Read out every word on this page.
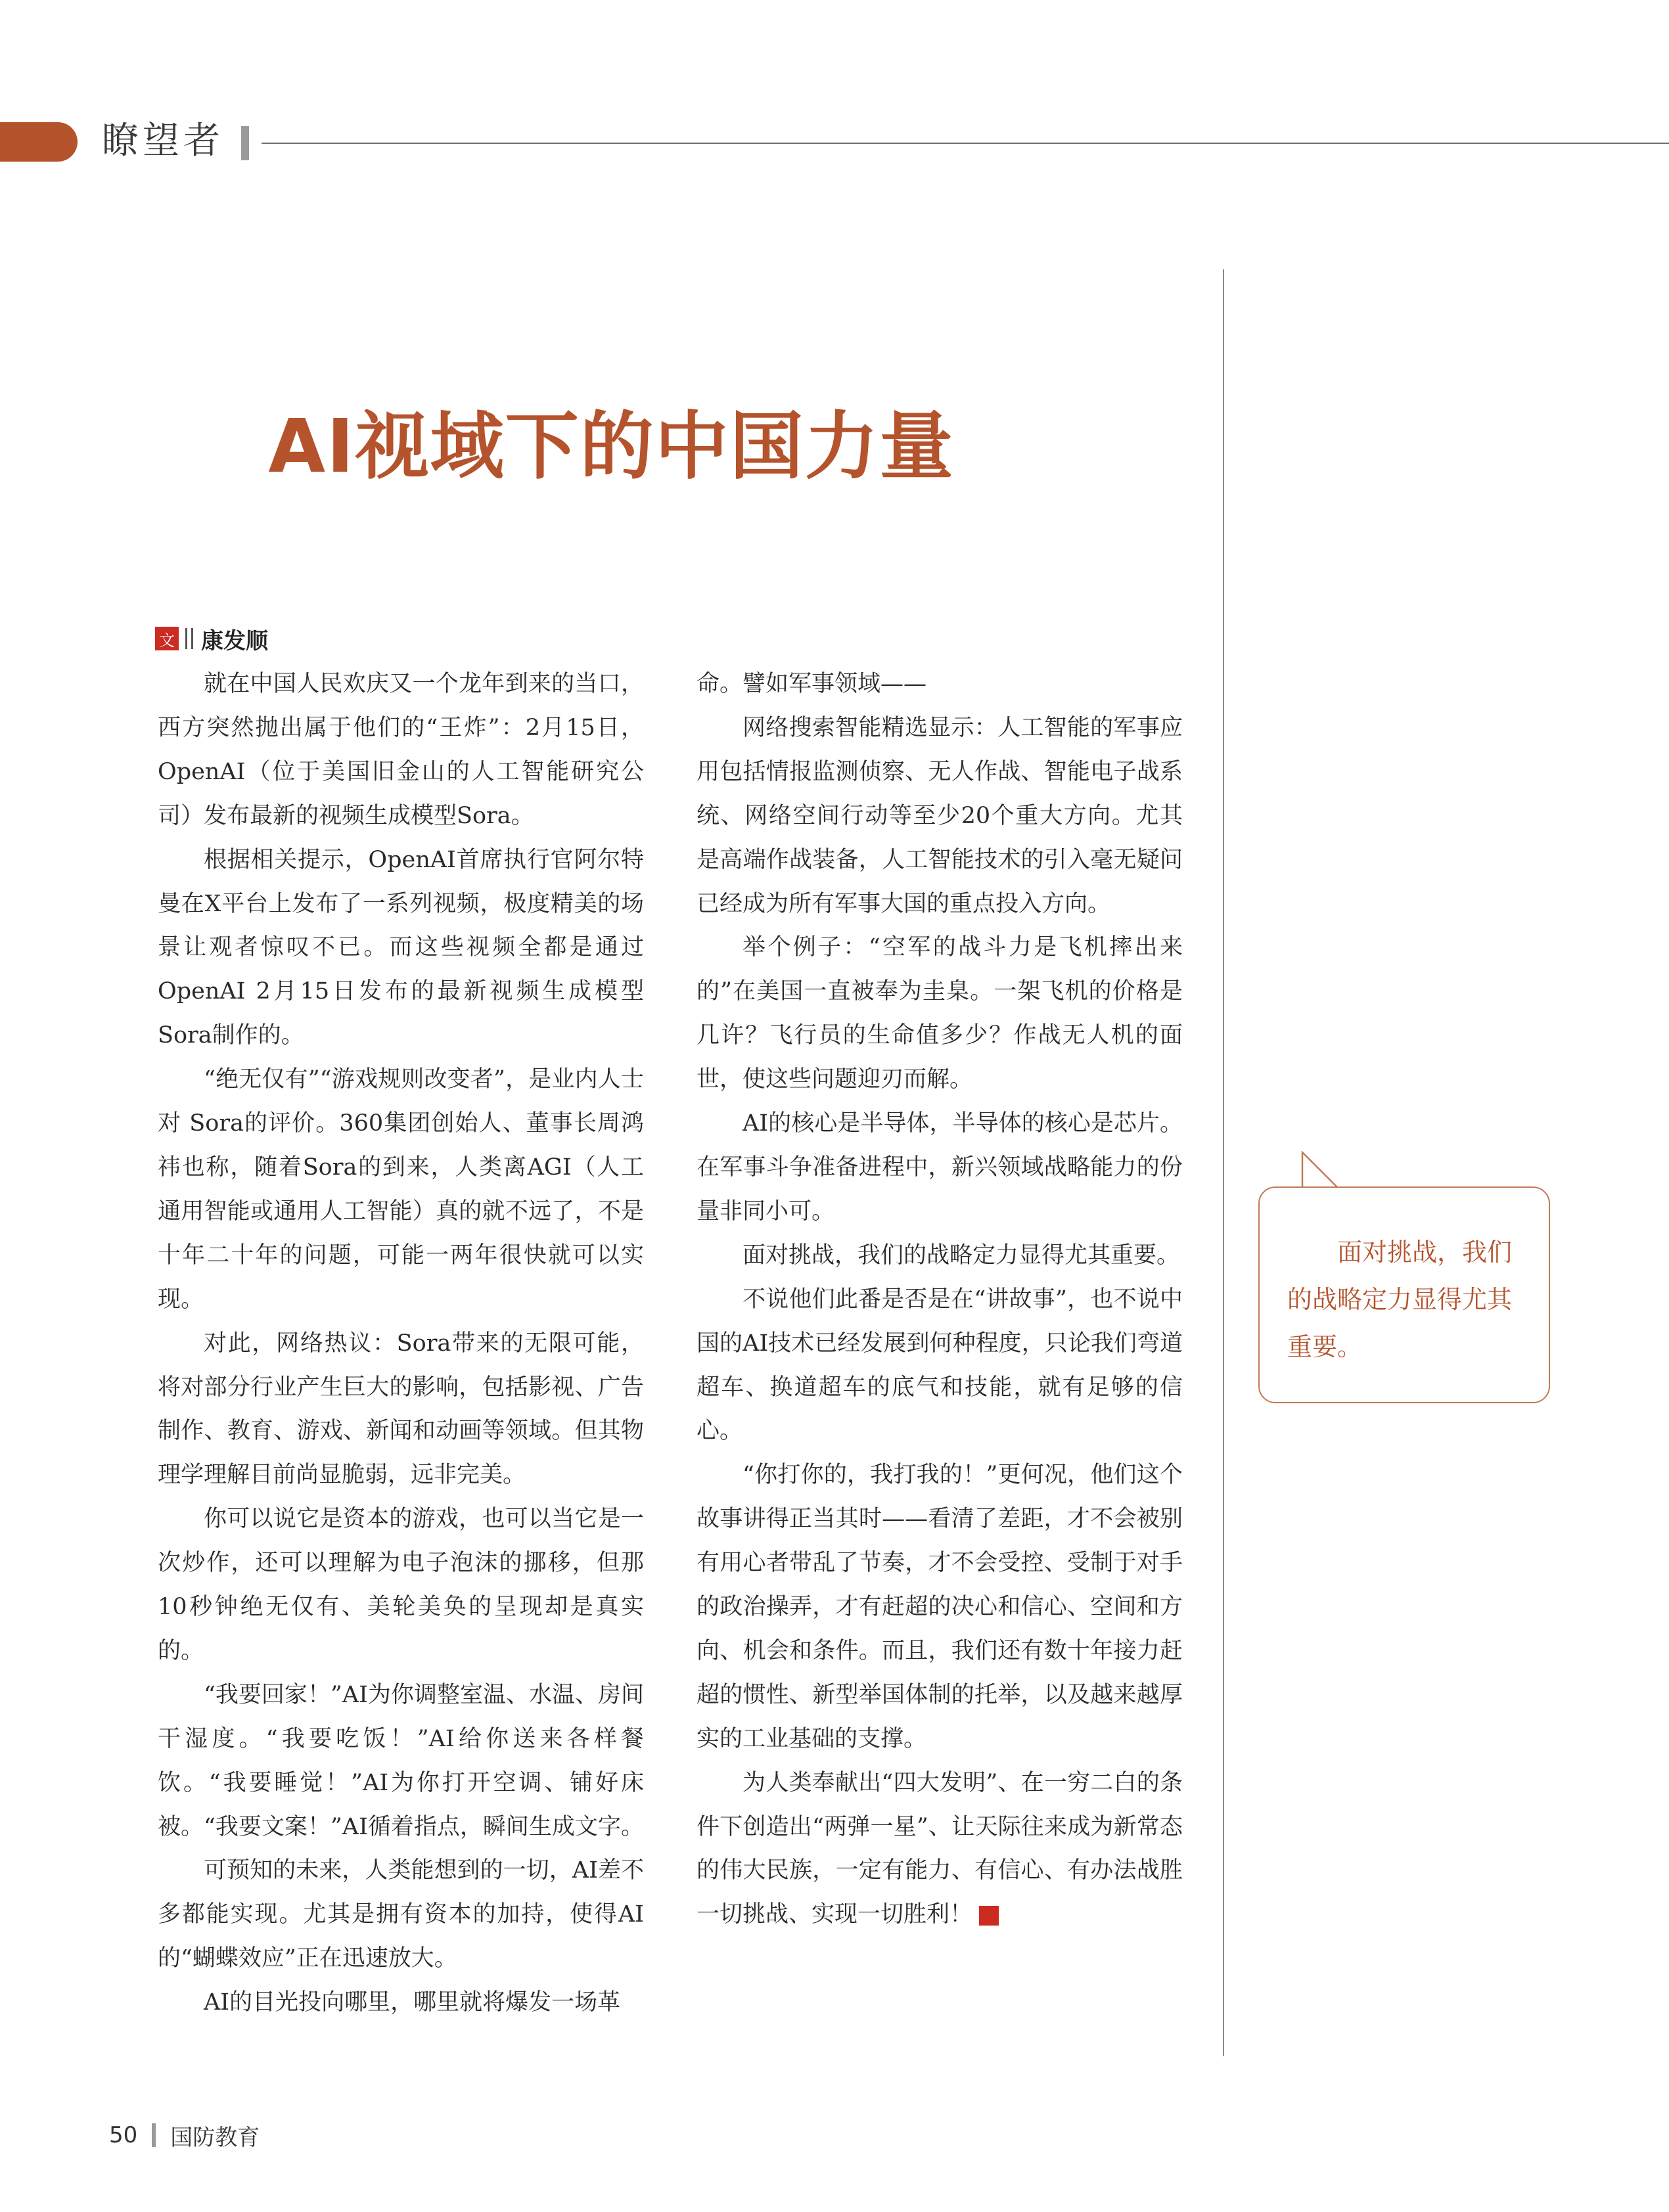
瞭望者
AI视域下的中国力量
文 康发顺

就在中国人民欢庆又一个龙年到来的当口，西方突然抛出属于他们的“王炸”：2月15日，OpenAI（位于美国旧金山的人工智能研究公司）发布最新的视频生成模型Sora。

根据相关提示，OpenAI首席执行官阿尔特曼在X平台上发布了一系列视频，极度精美的场景让观者惊叹不已。而这些视频全都是通过OpenAI 2月15日发布的最新视频生成模型Sora制作的。

“绝无仅有”“游戏规则改变者”，是业内人士对 Sora的评价。360集团创始人、董事长周鸿祎也称，随着Sora的到来，人类离AGI（人工通用智能或通用人工智能）真的就不远了，不是十年二十年的问题，可能一两年很快就可以实现。

对此，网络热议：Sora带来的无限可能，将对部分行业产生巨大的影响，包括影视、广告制作、教育、游戏、新闻和动画等领域。但其物理学理解目前尚显脆弱，远非完美。

你可以说它是资本的游戏，也可以当它是一次炒作，还可以理解为电子泡沫的挪移，但那10秒钟绝无仅有、美轮美奂的呈现却是真实的。

“我要回家！”AI为你调整室温、水温、房间干湿度。“我要吃饭！”AI给你送来各样餐饮。“我要睡觉！”AI为你打开空调、铺好床被。“我要文案！”AI循着指点，瞬间生成文字。

可预知的未来，人类能想到的一切，AI差不多都能实现。尤其是拥有资本的加持，使得AI的“蝴蝶效应”正在迅速放大。

AI的目光投向哪里，哪里就将爆发一场革

命。譬如军事领域——

网络搜索智能精选显示：人工智能的军事应用包括情报监测侦察、无人作战、智能电子战系统、网络空间行动等至少20个重大方向。尤其是高端作战装备，人工智能技术的引入毫无疑问已经成为所有军事大国的重点投入方向。

举个例子：“空军的战斗力是飞机摔出来的”在美国一直被奉为圭臬。一架飞机的价格是几许？飞行员的生命值多少？作战无人机的面世，使这些问题迎刃而解。

AI的核心是半导体，半导体的核心是芯片。在军事斗争准备进程中，新兴领域战略能力的份量非同小可。

面对挑战，我们的战略定力显得尤其重要。

不说他们此番是否是在“讲故事”，也不说中国的AI技术已经发展到何种程度，只论我们弯道超车、换道超车的底气和技能，就有足够的信心。

“你打你的，我打我的！”更何况，他们这个故事讲得正当其时——看清了差距，才不会被别有用心者带乱了节奏，才不会受控、受制于对手的政治操弄，才有赶超的决心和信心、空间和方向、机会和条件。而且，我们还有数十年接力赶超的惯性、新型举国体制的托举，以及越来越厚实的工业基础的支撑。

为人类奉献出“四大发明”、在一穷二白的条件下创造出“两弹一星”、让天际往来成为新常态的伟大民族，一定有能力、有信心、有办法战胜一切挑战、实现一切胜利！	G

面对挑战，我们的战略定力显得尤其重要。
50 国防教育
